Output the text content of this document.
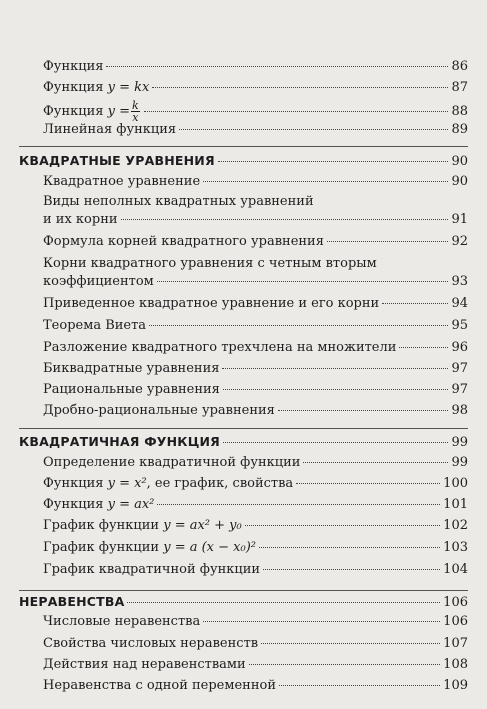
Функция	86
Функция y = kx	87
Функция $y = \frac{k}{x}$	88
Линейная функция	89
КВАДРАТНЫЕ УРАВНЕНИЯ	90
Квадратное уравнение	90
Виды неполных квадратных уравнений
и их корни	91
Формула корней квадратного уравнения	92
Корни квадратного уравнения с четным вторым
коэффициентом	93
Приведенное квадратное уравнение и его корни	94
Теорема Виета	95
Разложение квадратного трехчлена на множители	96
Биквадратные уравнения	97
Рациональные уравнения	97
Дробно-рациональные уравнения	98
КВАДРАТИЧНАЯ ФУНКЦИЯ	99
Определение квадратичной функции	99
Функция y = x², ее график, свойства	100
Функция y = ax²	101
График функции y = ax² + y₀	102
График функции y = a (x − x₀)²	103
График квадратичной функции	104
НЕРАВЕНСТВА	106
Числовые неравенства	106
Свойства числовых неравенств	107
Действия над неравенствами	108
Неравенства с одной переменной	109
